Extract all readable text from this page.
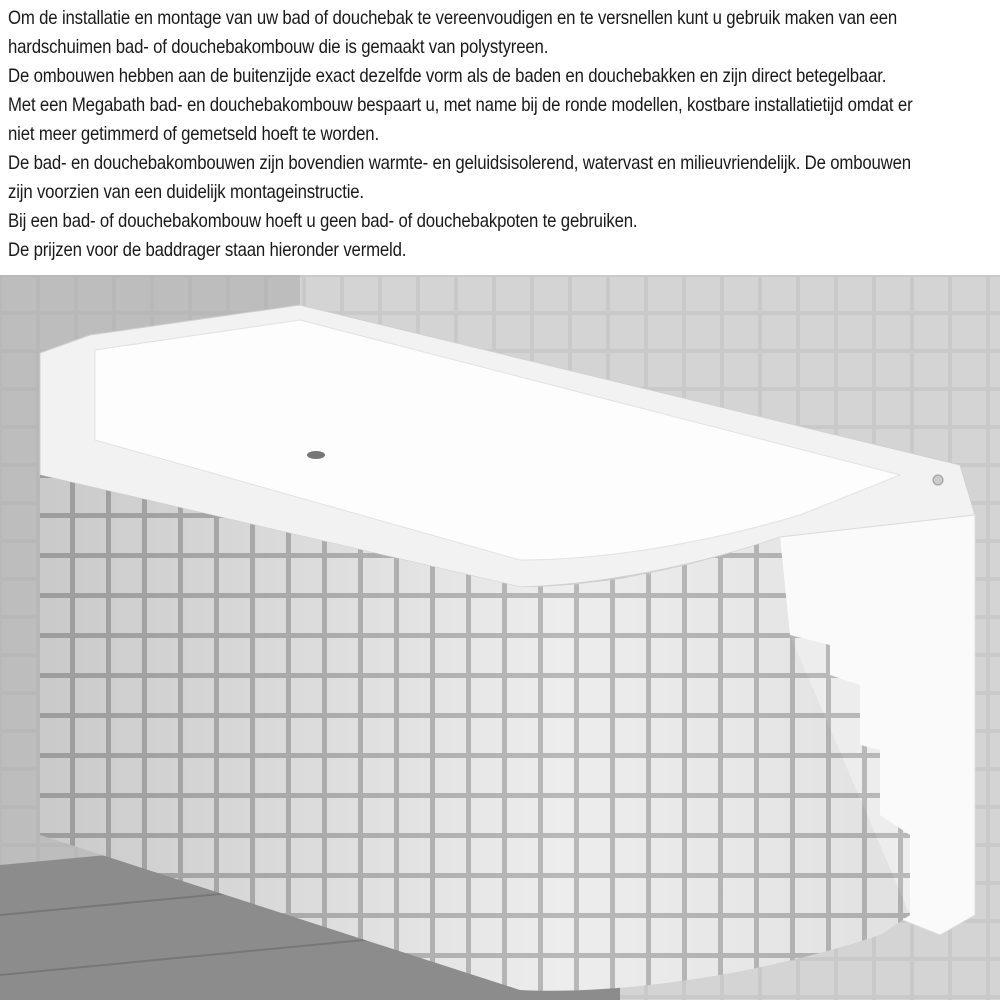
Om de installatie en montage van uw bad of douchebak te vereenvoudigen en te versnellen kunt u gebruik maken van een
hardschuimen bad- of douchebakombouw die is gemaakt van polystyreen.
De ombouwen hebben aan de buitenzijde exact dezelfde vorm als de baden en douchebakken en zijn direct betegelbaar.
Met een Megabath bad- en douchebakombouw bespaart u, met name bij de ronde modellen, kostbare installatietijd omdat er
niet meer getimmerd of gemetseld hoeft te worden.
De bad- en douchebakombouwen zijn bovendien warmte- en geluidsisolerend, watervast en milieuvriendelijk. De ombouwen
zijn voorzien van een duidelijk montageinstructie.
Bij een bad- of douchebakombouw hoeft u geen bad- of douchebakpoten te gebruiken.
De prijzen voor de baddrager staan hieronder vermeld.
